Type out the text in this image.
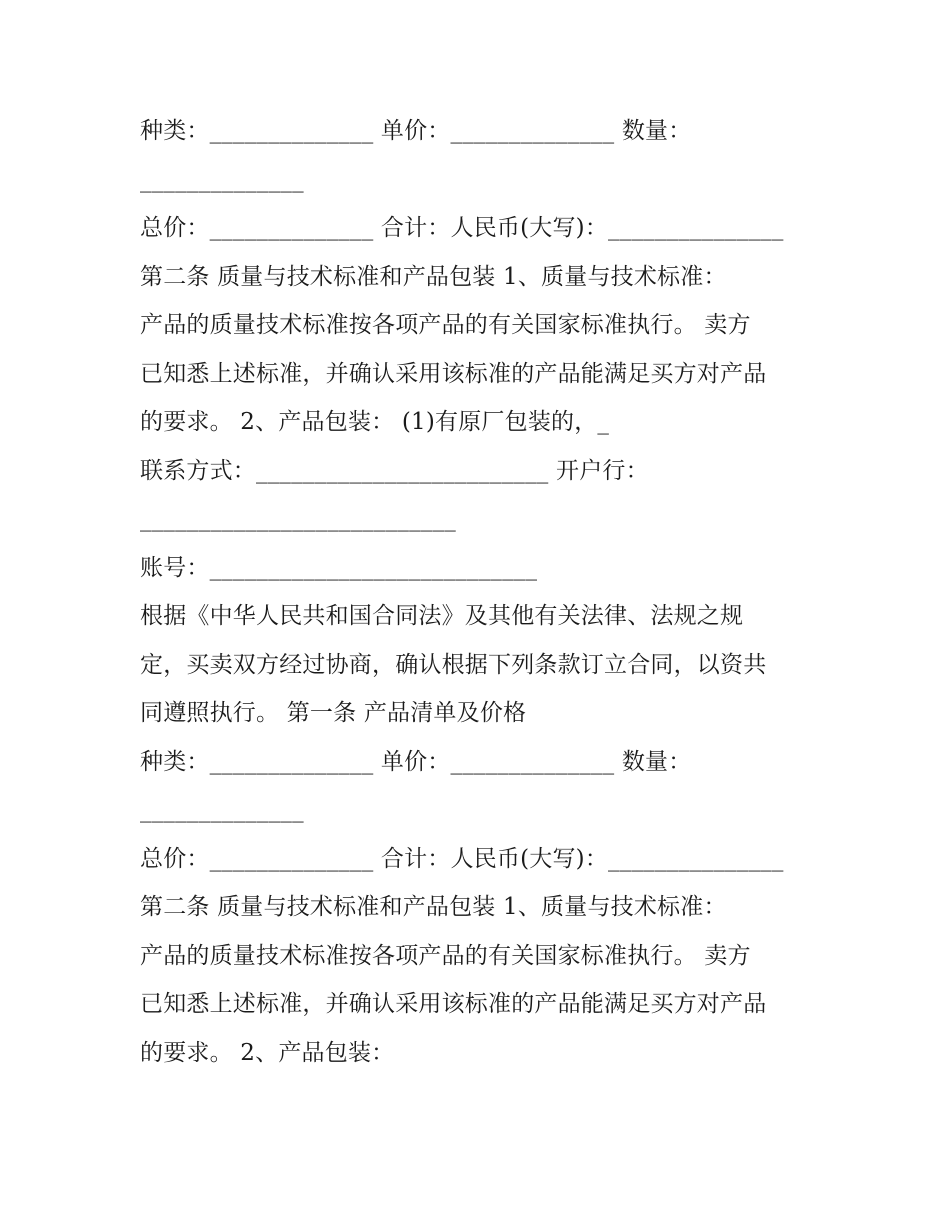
种类：______________ 单价：______________ 数量：
______________
总价：______________ 合计：人民币(大写)：_______________
第二条 质量与技术标准和产品包装 1、质量与技术标准：
产品的质量技术标准按各项产品的有关国家标准执行。 卖方
已知悉上述标准，并确认采用该标准的产品能满足买方对产品
的要求。 2、产品包装： (1)有原厂包装的，_
联系方式：_________________________ 开户行：
___________________________
账号：____________________________
根据《中华人民共和国合同法》及其他有关法律、法规之规
定，买卖双方经过协商，确认根据下列条款订立合同，以资共
同遵照执行。 第一条 产品清单及价格
种类：______________ 单价：______________ 数量：
______________
总价：______________ 合计：人民币(大写)：_______________
第二条 质量与技术标准和产品包装 1、质量与技术标准：
产品的质量技术标准按各项产品的有关国家标准执行。 卖方
已知悉上述标准，并确认采用该标准的产品能满足买方对产品
的要求。 2、产品包装：
